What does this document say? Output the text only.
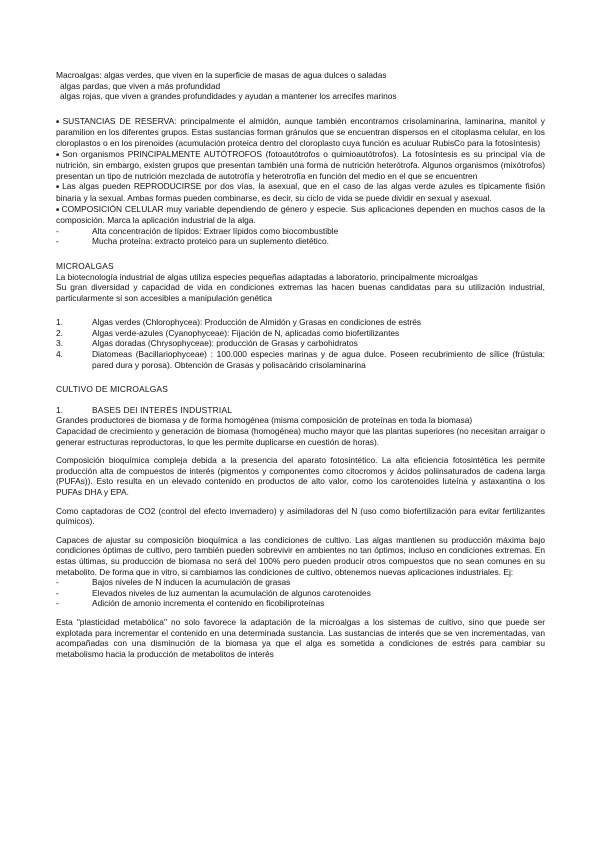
Macroalgas: algas verdes, que viven en la superficie de masas de agua dulces o saladas

algas pardas, que viven a más profundidad

algas rojas, que viven a grandes profundidades y ayudan a mantener los arrecifes marinos

■ SUSTANCIAS DE RESERVA: principalmente el almidón, aunque también encontramos crisolaminarina, laminarina, manitol y paramilion en los diferentes grupos. Estas sustancias forman gránulos que se encuentran dispersos en el citoplasma celular, en los cloroplastos o en los pirenoides (acumulación proteica dentro del cloroplasto cuya función es aculuar RubisCo para la fotosíntesis)

■ Son organismos PRINCIPALMENTE AUTÓTROFOS (fotoautótrofos o quimioautótrofos). La fotosíntesis es su principal vía de nutrición, sin embargo, existen grupos que presentan también una forma de nutrición heterótrofa. Algunos organismos (mixótrofos) presentan un tipo de nutrición mezclada de autotrofía y heterotrofía en función del medio en el que se encuentren

■ Las algas pueden REPRODUCIRSE por dos vías, la asexual, que en el caso de las algas verde azules es típicamente fisión binaria y la sexual. Ambas formas pueden combinarse, es decir, su ciclo de vida se puede dividir en sexual y asexual.

■ COMPOSICIÓN CELULAR muy variable dependiendo de género y especie. Sus aplicaciones dependen en muchos casos de la composición. Marca la aplicación industrial de la alga.

-	Alta concentración de lípidos: Extraer lípidos como biocombustible
-	Mucha proteína: extracto proteico para un suplemento dietético.

MICROALGAS

La biotecnología industrial de algas utiliza especies pequeñas adaptadas a laboratorio, principalmente microalgas

Su gran diversidad y capacidad de vida en condiciones extremas las hacen buenas candidatas para su utilización industrial, particularmente si son accesibles a manipulación genética

1.	Algas verdes (Chlorophycea): Producción de Almidón y Grasas en condiciones de estrés
2.	Algas verde-azules (Cyanophyceae): Fijación de N, aplicadas como biofertilizantes
3.	Algas doradas (Chrysophyceae): producción de Grasas y carbohidratos
4.	Diatomeas (Bacillariophyceae) : 100.000 especies marinas y de agua dulce. Poseen recubrimiento de sílice (frústula: pared dura y porosa). Obtención de Grasas y polisacárido crisolaminarina

CULTIVO DE MICROALGAS

1.	BASES DEl INTERÉS INDUSTRIAL

Grandes productores de biomasa y de forma homogénea (misma composición de proteínas en toda la biomasa)

Capacidad de crecimiento y generación de biomasa (homogénea) mucho mayor que las plantas superiores (no necesitan arraigar o generar estructuras reproductoras, lo que les permite duplicarse en cuestión de horas).

Composición bioquímica compleja debida a la presencia del aparato fotosintético. La alta eficiencia fotosintética les permite producción alta de compuestos de interés (pigmentos y componentes como citocromos y ácidos poliinsaturados de cadena larga (PUFAs)). Esto resulta en un elevado contenido en productos de alto valor, como los carotenoides luteína y astaxantina o los PUFAs DHA y EPA.

Como captadoras de CO2 (control del efecto invernadero) y asimiladoras del N (uso como biofertilización para evitar fertilizantes químicos).

Capaces de ajustar su composición bioquímica a las condiciones de cultivo. Las algas mantienen su producción máxima bajo condiciones óptimas de cultivo, pero también pueden sobrevivir en ambientes no tan óptimos, incluso en condiciones extremas. En estas últimas, su producción de biomasa no será del 100% pero pueden producir otros compuestos que no sean comunes en su metabolito. De forma que in vitro, si cambiamos las condiciones de cultivo, obtenemos nuevas aplicaciones industriales. Ej:

-	Bajos niveles de N inducen la acumulación de grasas
-	Elevados niveles de luz aumentan la acumulación de algunos carotenoides
-	Adición de amonio incrementa el contenido en ficobiliproteínas

Esta "plasticidad metabólica" no solo favorece la adaptación de la microalgas a los sistemas de cultivo, sino que puede ser explotada para incrementar el contenido en una determinada sustancia. Las sustancias de interés que se ven incrementadas, van acompañadas con una disminución de la biomasa ya que el alga es sometida a condiciones de estrés para cambiar su metabolismo hacia la producción de metabolitos de interés
